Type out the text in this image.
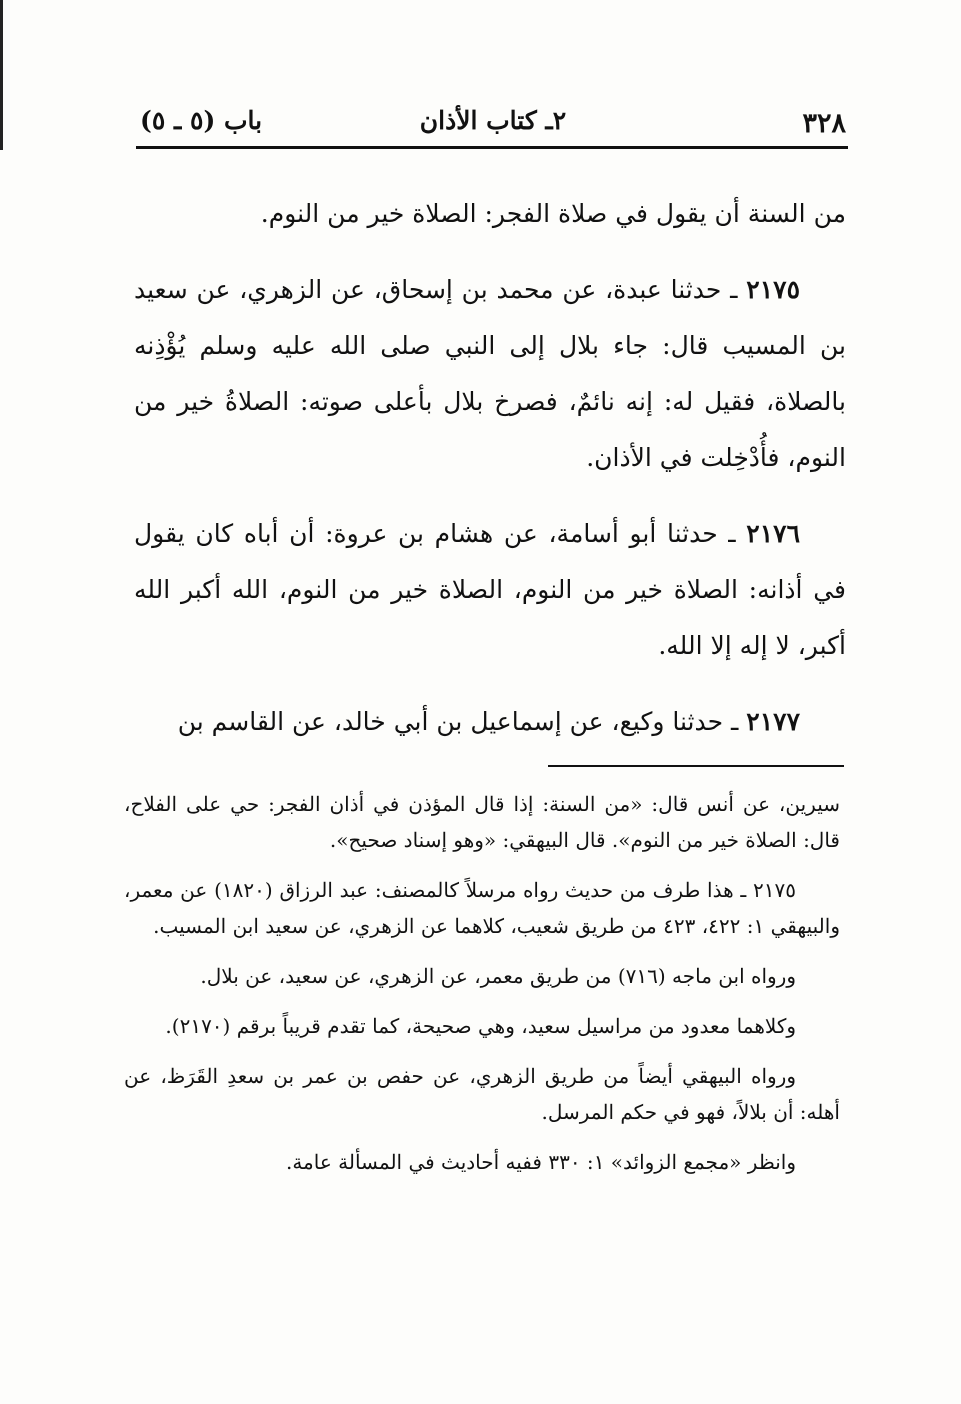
٣٢٨
٢ـ كتاب الأذان
باب (٥ ـ ٥)

من السنة أن يقول في صلاة الفجر: الصلاة خير من النوم.

٢١٧٥ ـ حدثنا عبدة، عن محمد بن إسحاق، عن الزهري، عن سعيد بن المسيب قال: جاء بلال إلى النبي صلى الله عليه وسلم يُؤْذِنه بالصلاة، فقيل له: إنه نائمٌ، فصرخ بلال بأعلى صوته: الصلاةُ خير من النوم، فأُدْخِلت في الأذان.

٢١٧٦ ـ حدثنا أبو أسامة، عن هشام بن عروة: أن أباه كان يقول في أذانه: الصلاة خير من النوم، الصلاة خير من النوم، الله أكبر الله أكبر، لا إله إلا الله.

٢١٧٧ ـ حدثنا وكيع، عن إسماعيل بن أبي خالد، عن القاسم بن

سيرين، عن أنس قال: «من السنة: إذا قال المؤذن في أذان الفجر: حي على الفلاح، قال: الصلاة خير من النوم». قال البيهقي: «وهو إسناد صحيح».

٢١٧٥ ـ هذا طرف من حديث رواه مرسلاً كالمصنف: عبد الرزاق (١٨٢٠) عن معمر، والبيهقي ١: ٤٢٢، ٤٢٣ من طريق شعيب، كلاهما عن الزهري، عن سعيد ابن المسيب.

ورواه ابن ماجه (٧١٦) من طريق معمر، عن الزهري، عن سعيد، عن بلال.

وكلاهما معدود من مراسيل سعيد، وهي صحيحة، كما تقدم قريباً برقم (٢١٧٠).

ورواه البيهقي أيضاً من طريق الزهري، عن حفص بن عمر بن سعدِ القَرَظ، عن أهله: أن بلالاً، فهو في حكم المرسل.

وانظر «مجمع الزوائد» ١: ٣٣٠ ففيه أحاديث في المسألة عامة.
